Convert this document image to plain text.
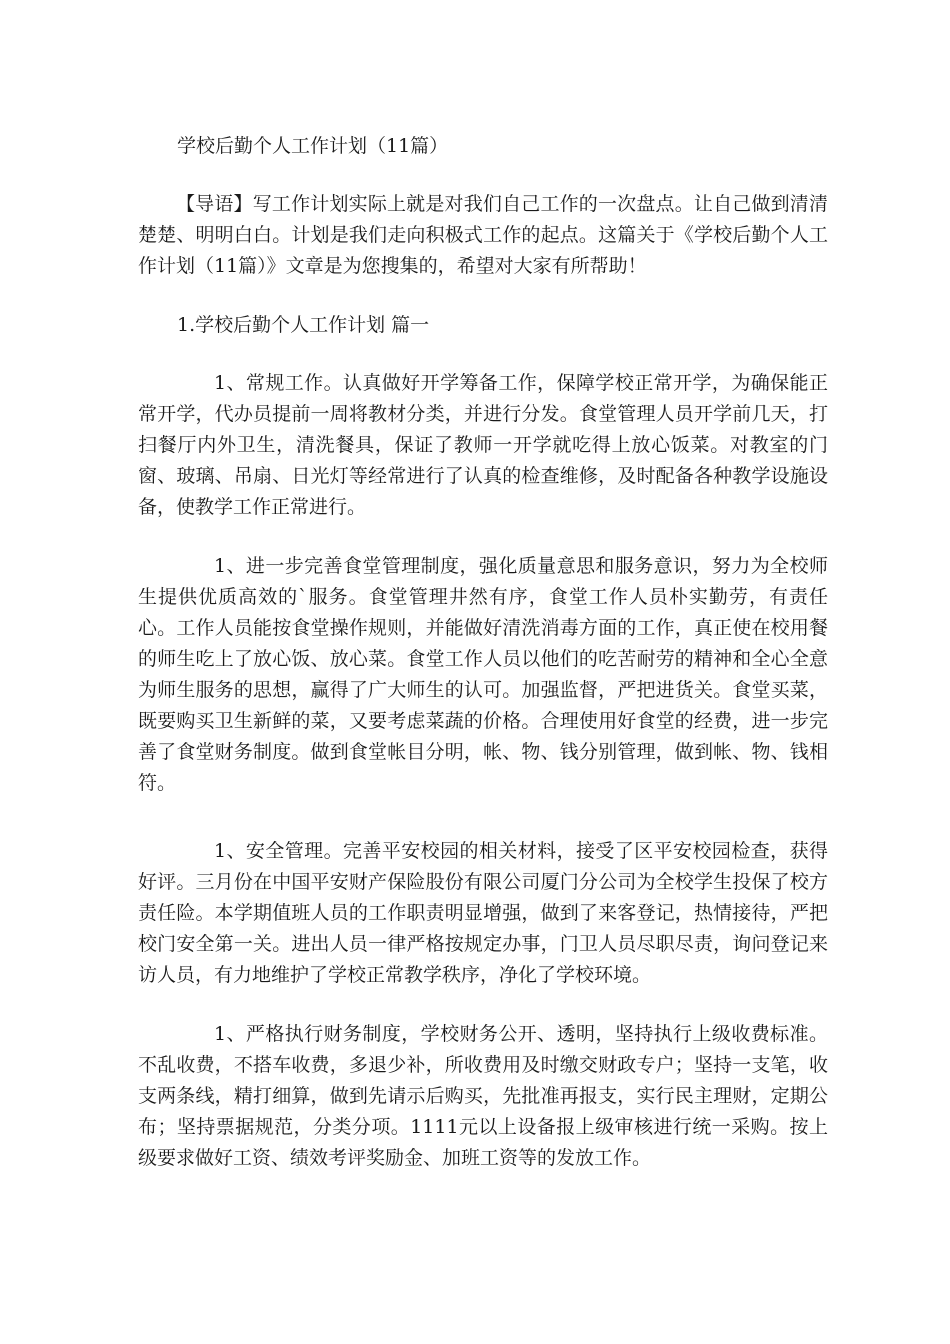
学校后勤个人工作计划（11篇）

【导语】写工作计划实际上就是对我们自己工作的一次盘点。让自己做到清清楚楚、明明白白。计划是我们走向积极式工作的起点。这篇关于《学校后勤个人工作计划（11篇）》文章是为您搜集的，希望对大家有所帮助！

1.学校后勤个人工作计划 篇一

1、常规工作。认真做好开学筹备工作，保障学校正常开学，为确保能正常开学，代办员提前一周将教材分类，并进行分发。食堂管理人员开学前几天，打扫餐厅内外卫生，清洗餐具，保证了教师一开学就吃得上放心饭菜。对教室的门窗、玻璃、吊扇、日光灯等经常进行了认真的检查维修，及时配备各种教学设施设备，使教学工作正常进行。

1、进一步完善食堂管理制度，强化质量意思和服务意识，努力为全校师生提供优质高效的`服务。食堂管理井然有序，食堂工作人员朴实勤劳，有责任心。工作人员能按食堂操作规则，并能做好清洗消毒方面的工作，真正使在校用餐的师生吃上了放心饭、放心菜。食堂工作人员以他们的吃苦耐劳的精神和全心全意为师生服务的思想，赢得了广大师生的认可。加强监督，严把进货关。食堂买菜，既要购买卫生新鲜的菜，又要考虑菜蔬的价格。合理使用好食堂的经费，进一步完善了食堂财务制度。做到食堂帐目分明，帐、物、钱分别管理，做到帐、物、钱相符。

1、安全管理。完善平安校园的相关材料，接受了区平安校园检查，获得好评。三月份在中国平安财产保险股份有限公司厦门分公司为全校学生投保了校方责任险。本学期值班人员的工作职责明显增强，做到了来客登记，热情接待，严把校门安全第一关。进出人员一律严格按规定办事，门卫人员尽职尽责，询问登记来访人员，有力地维护了学校正常教学秩序，净化了学校环境。

1、严格执行财务制度，学校财务公开、透明，坚持执行上级收费标准。不乱收费，不搭车收费，多退少补，所收费用及时缴交财政专户；坚持一支笔，收支两条线，精打细算，做到先请示后购买，先批准再报支，实行民主理财，定期公布；坚持票据规范，分类分项。1111元以上设备报上级审核进行统一采购。按上级要求做好工资、绩效考评奖励金、加班工资等的发放工作。
